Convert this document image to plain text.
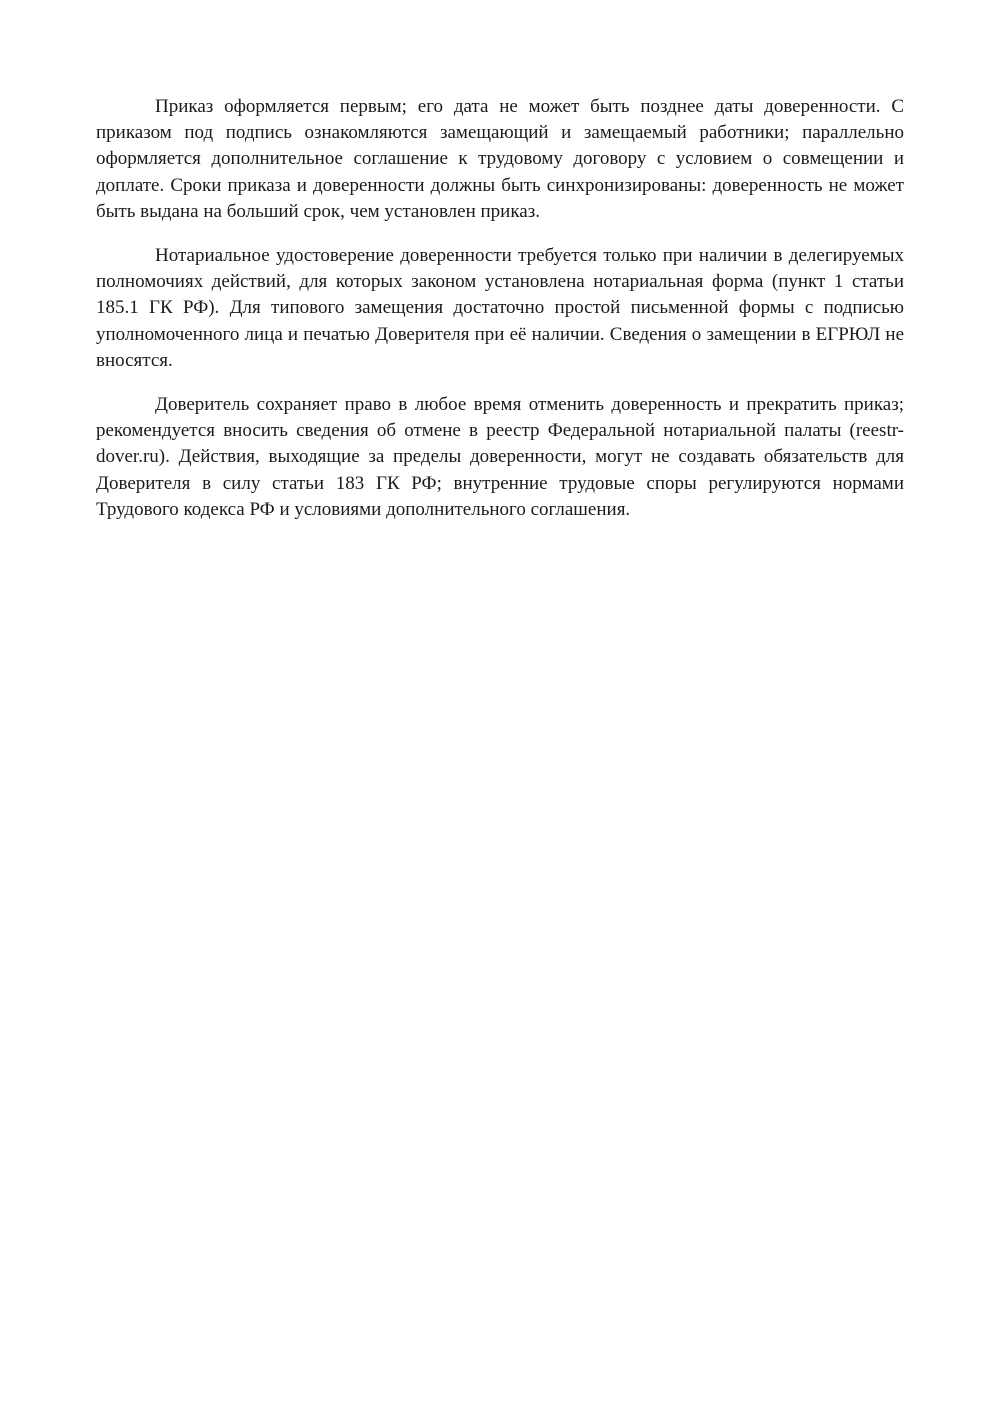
Приказ оформляется первым; его дата не может быть позднее даты доверенности. С приказом под подпись ознакомляются замещающий и замещаемый работники; параллельно оформляется дополнительное соглашение к трудовому договору с условием о совмещении и доплате. Сроки приказа и доверенности должны быть синхронизированы: доверенность не может быть выдана на больший срок, чем установлен приказ.

Нотариальное удостоверение доверенности требуется только при наличии в делегируемых полномочиях действий, для которых законом установлена нотариальная форма (пункт 1 статьи 185.1 ГК РФ). Для типового замещения достаточно простой письменной формы с подписью уполномоченного лица и печатью Доверителя при её наличии. Сведения о замещении в ЕГРЮЛ не вносятся.

Доверитель сохраняет право в любое время отменить доверенность и прекратить приказ; рекомендуется вносить сведения об отмене в реестр Федеральной нотариальной палаты (reestr-dover.ru). Действия, выходящие за пределы доверенности, могут не создавать обязательств для Доверителя в силу статьи 183 ГК РФ; внутренние трудовые споры регулируются нормами Трудового кодекса РФ и условиями дополнительного соглашения.
